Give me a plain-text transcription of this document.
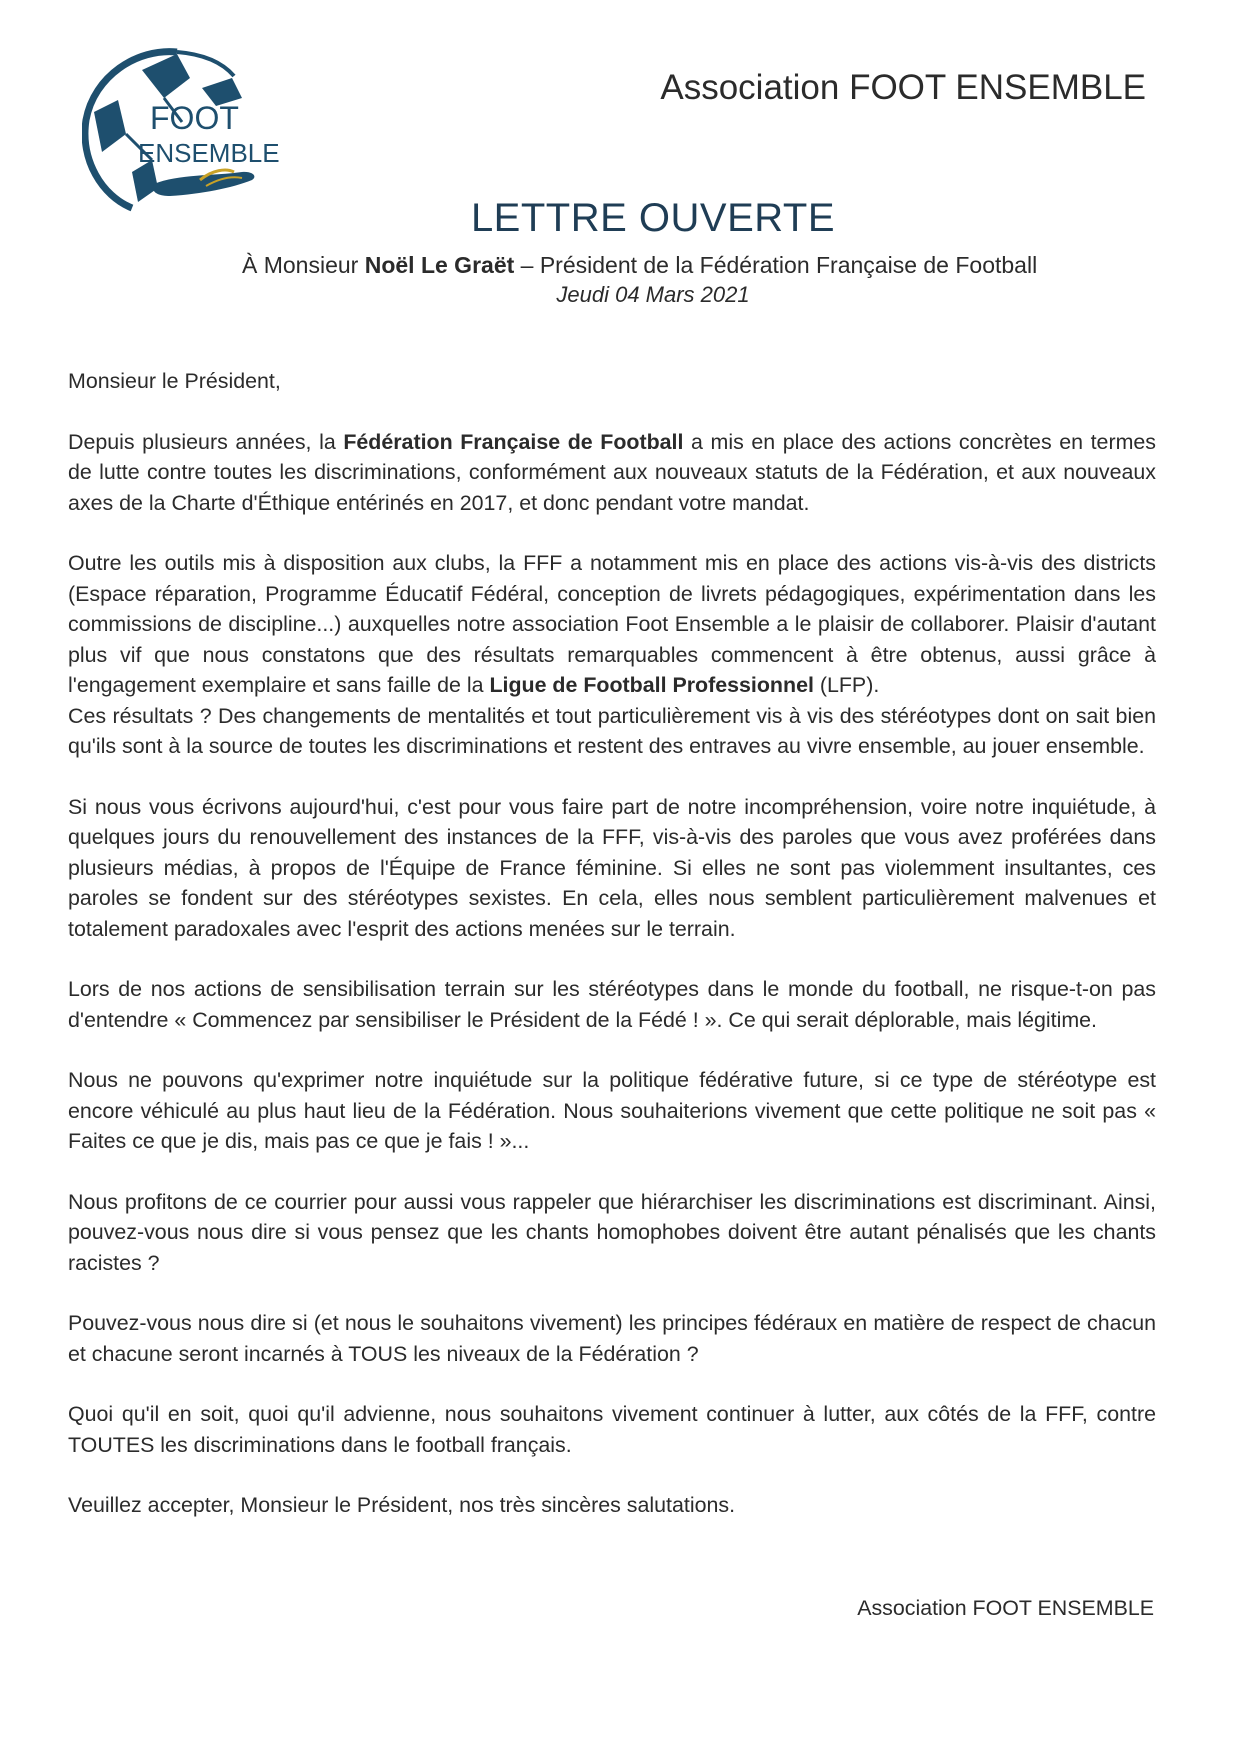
FOOT
ENSEMBLE
Association FOOT ENSEMBLE
LETTRE OUVERTE
À Monsieur Noël Le Graët – Président de la Fédération Française de Football
Jeudi 04 Mars 2021

Monsieur le Président,

Depuis plusieurs années, la Fédération Française de Football a mis en place des actions concrètes en termes de lutte contre toutes les discriminations, conformément aux nouveaux statuts de la Fédération, et aux nouveaux axes de la Charte d'Éthique entérinés en 2017, et donc pendant votre mandat.

Outre les outils mis à disposition aux clubs, la FFF a notamment mis en place des actions vis-à-vis des districts (Espace réparation, Programme Éducatif Fédéral, conception de livrets pédagogiques, expérimentation dans les commissions de discipline...) auxquelles notre association Foot Ensemble a le plaisir de collaborer. Plaisir d'autant plus vif que nous constatons que des résultats remarquables commencent à être obtenus, aussi grâce à l'engagement exemplaire et sans faille de la Ligue de Football Professionnel (LFP).

Ces résultats ? Des changements de mentalités et tout particulièrement vis à vis des stéréotypes dont on sait bien qu'ils sont à la source de toutes les discriminations et restent des entraves au vivre ensemble, au jouer ensemble.

Si nous vous écrivons aujourd'hui, c'est pour vous faire part de notre incompréhension, voire notre inquiétude, à quelques jours du renouvellement des instances de la FFF, vis-à-vis des paroles que vous avez proférées dans plusieurs médias, à propos de l'Équipe de France féminine. Si elles ne sont pas violemment insultantes, ces paroles se fondent sur des stéréotypes sexistes. En cela, elles nous semblent particulièrement malvenues et totalement paradoxales avec l'esprit des actions menées sur le terrain.

Lors de nos actions de sensibilisation terrain sur les stéréotypes dans le monde du football, ne risque-t-on pas d'entendre « Commencez par sensibiliser le Président de la Fédé ! ». Ce qui serait déplorable, mais légitime.

Nous ne pouvons qu'exprimer notre inquiétude sur la politique fédérative future, si ce type de stéréotype est encore véhiculé au plus haut lieu de la Fédération. Nous souhaiterions vivement que cette politique ne soit pas « Faites ce que je dis, mais pas ce que je fais ! »...

Nous profitons de ce courrier pour aussi vous rappeler que hiérarchiser les discriminations est discriminant. Ainsi, pouvez-vous nous dire si vous pensez que les chants homophobes doivent être autant pénalisés que les chants racistes ?

Pouvez-vous nous dire si (et nous le souhaitons vivement) les principes fédéraux en matière de respect de chacun et chacune seront incarnés à TOUS les niveaux de la Fédération ?

Quoi qu'il en soit, quoi qu'il advienne, nous souhaitons vivement continuer à lutter, aux côtés de la FFF, contre TOUTES les discriminations dans le football français.

Veuillez accepter, Monsieur le Président, nos très sincères salutations.

Association FOOT ENSEMBLE
